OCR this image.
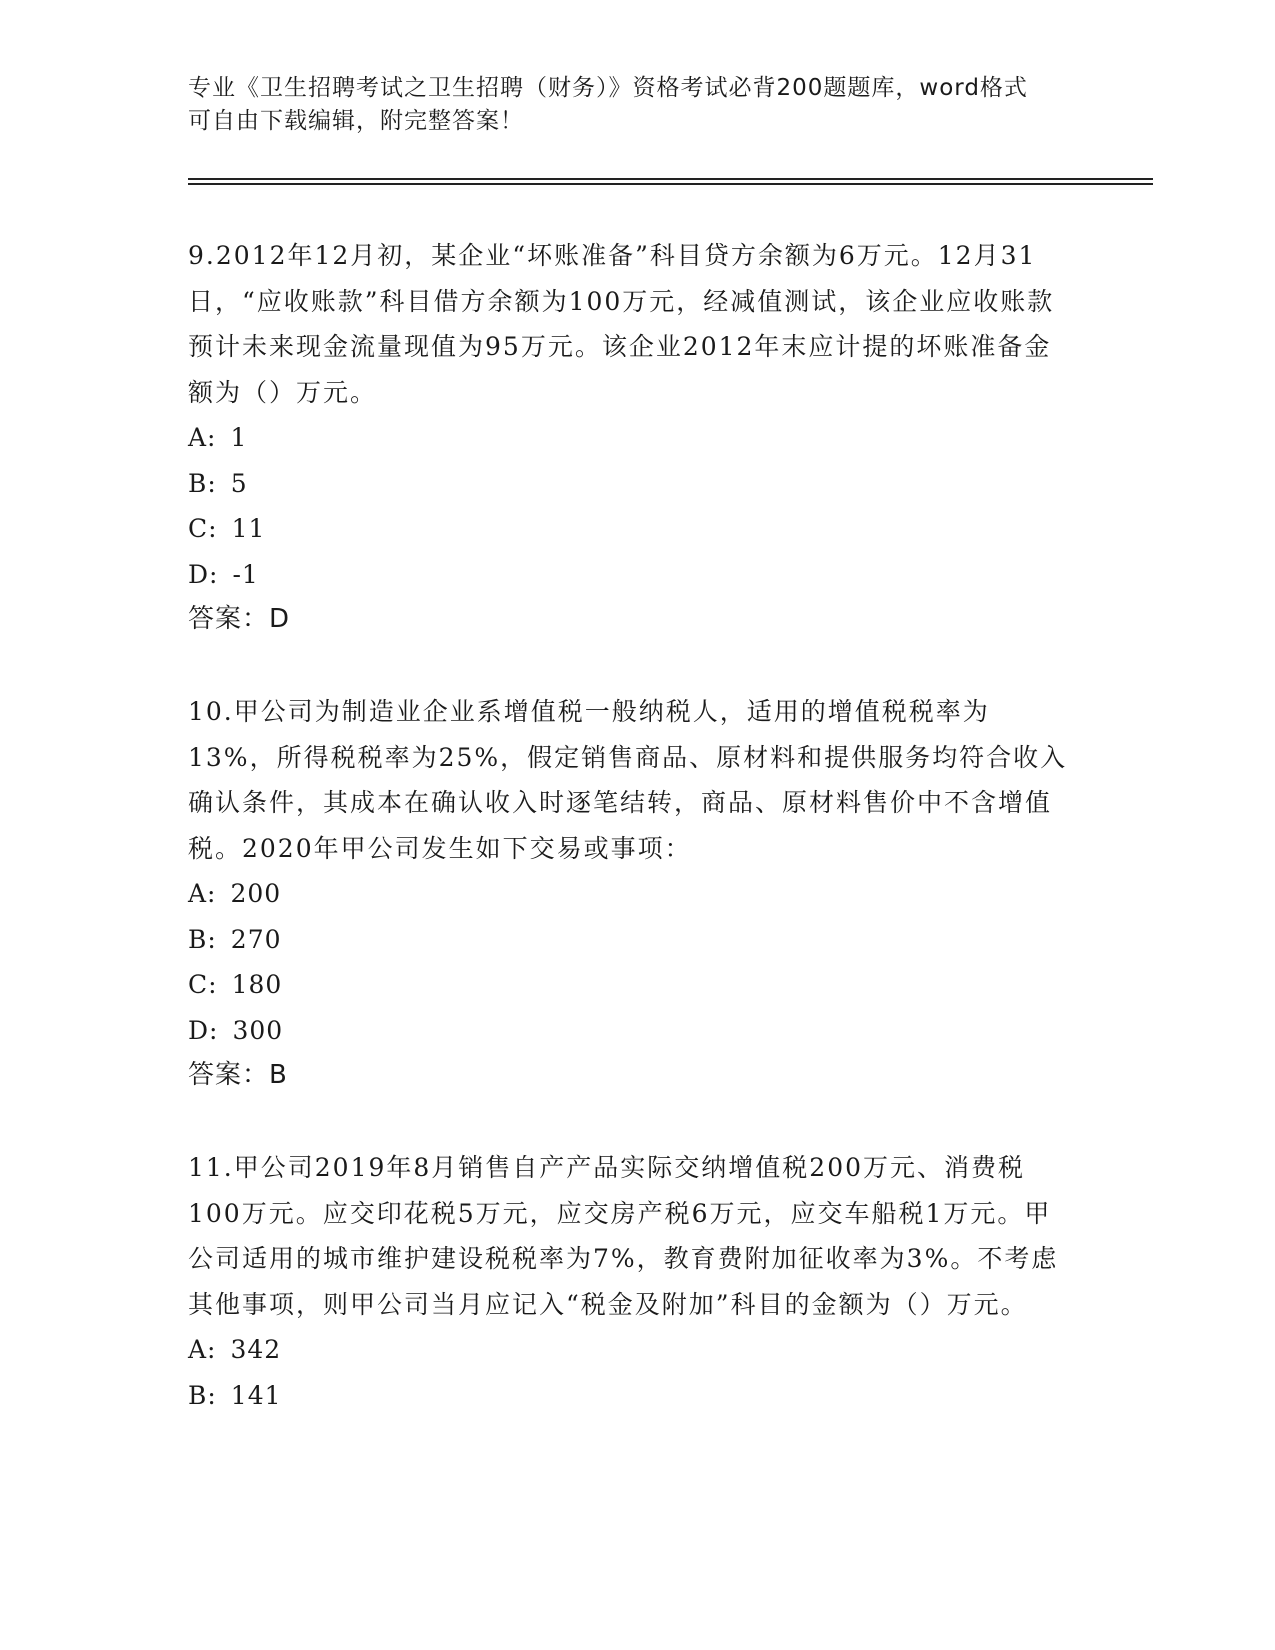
专业《卫生招聘考试之卫生招聘（财务）》资格考试必背200题题库，word格式
可自由下载编辑，附完整答案！

9.2012年12月初，某企业“坏账准备”科目贷方余额为6万元。12月31日，“应收账款”科目借方余额为100万元，经减值测试，该企业应收账款预计未来现金流量现值为95万元。该企业2012年末应计提的坏账准备金额为（）万元。

A: 1

B: 5

C: 11

D: -1

答案：D

10.甲公司为制造业企业系增值税一般纳税人，适用的增值税税率为13%，所得税税率为25%，假定销售商品、原材料和提供服务均符合收入确认条件，其成本在确认收入时逐笔结转，商品、原材料售价中不含增值税。2020年甲公司发生如下交易或事项：

A: 200

B: 270

C: 180

D: 300

答案：B

11.甲公司2019年8月销售自产产品实际交纳增值税200万元、消费税100万元。应交印花税5万元，应交房产税6万元，应交车船税1万元。甲公司适用的城市维护建设税税率为7%，教育费附加征收率为3%。不考虑其他事项，则甲公司当月应记入“税金及附加”科目的金额为（）万元。

A: 342

B: 141
